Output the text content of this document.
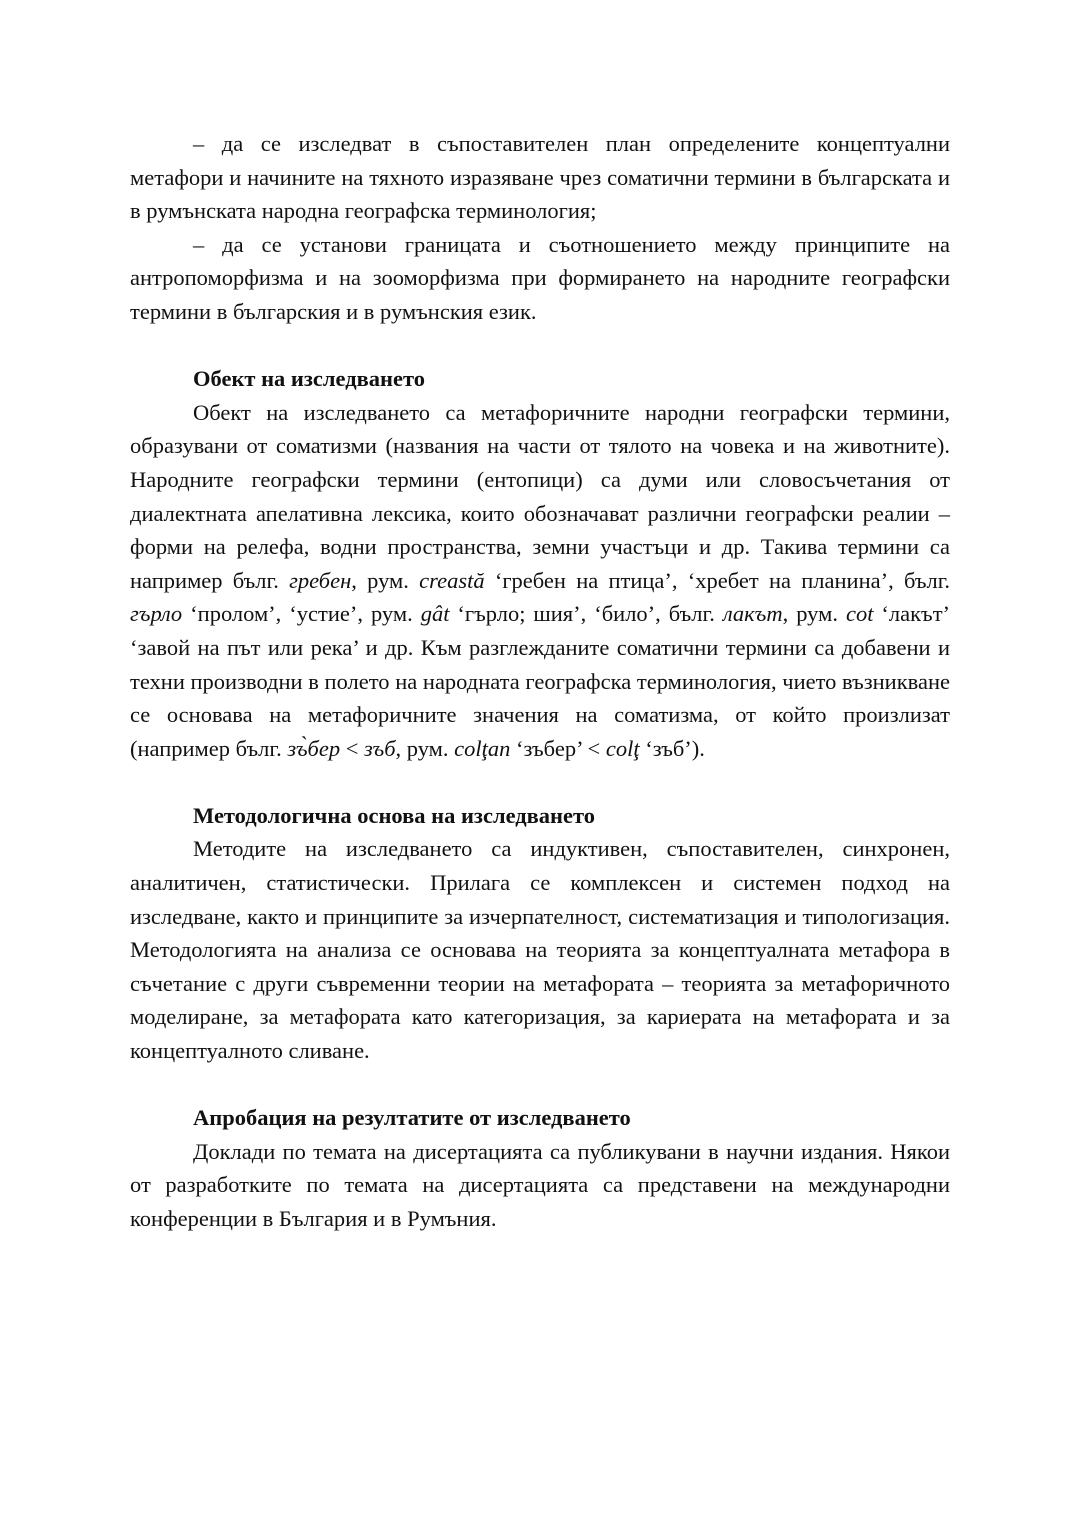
– да се изследват в съпоставителен план определените концептуални метафори и начините на тяхното изразяване чрез соматични термини в българската и в румънската народна географска терминология;

– да се установи границата и съотношението между принципите на антропоморфизма и на зооморфизма при формирането на народните географски термини в българския и в румънския език.

Обект на изследването

Обект на изследването са метафоричните народни географски термини, образувани от соматизми (названия на части от тялото на човека и на животните). Народните географски термини (ентопици) са думи или словосъчетания от диалектната апелативна лексика, които обозначават различни географски реалии – форми на релефа, водни пространства, земни участъци и др. Такива термини са например бълг. гребен, рум. creastă ‘гребен на птица’, ‘хребет на планина’, бълг. гърло ‘пролом’, ‘устие’, рум. gât ‘гърло; шия’, ‘било’, бълг. лакът, рум. cot ‘лакът’ ‘завой на път или река’ и др. Към разглежданите соматични термини са добавени и техни производни в полето на народната географска терминология, чието възникване се основава на метафоричните значения на соматизма, от който произлизат (например бълг. зъ̀бер < зъб, рум. colţan ‘зъбер’ < colţ ‘зъб’).

Методологична основа на изследването

Методите на изследването са индуктивен, съпоставителен, синхронен, аналитичен, статистически. Прилага се комплексен и системен подход на изследване, както и принципите за изчерпателност, систематизация и типологизация. Методологията на анализа се основава на теорията за концептуалната метафора в съчетание с други съвременни теории на метафората – теорията за метафоричното моделиране, за метафората като категоризация, за кариерата на метафората и за концептуалното сливане.

Апробация на резултатите от изследването

Доклади по темата на дисертацията са публикувани в научни издания. Някои от разработките по темата на дисертацията са представени на международни конференции в България и в Румъния.
